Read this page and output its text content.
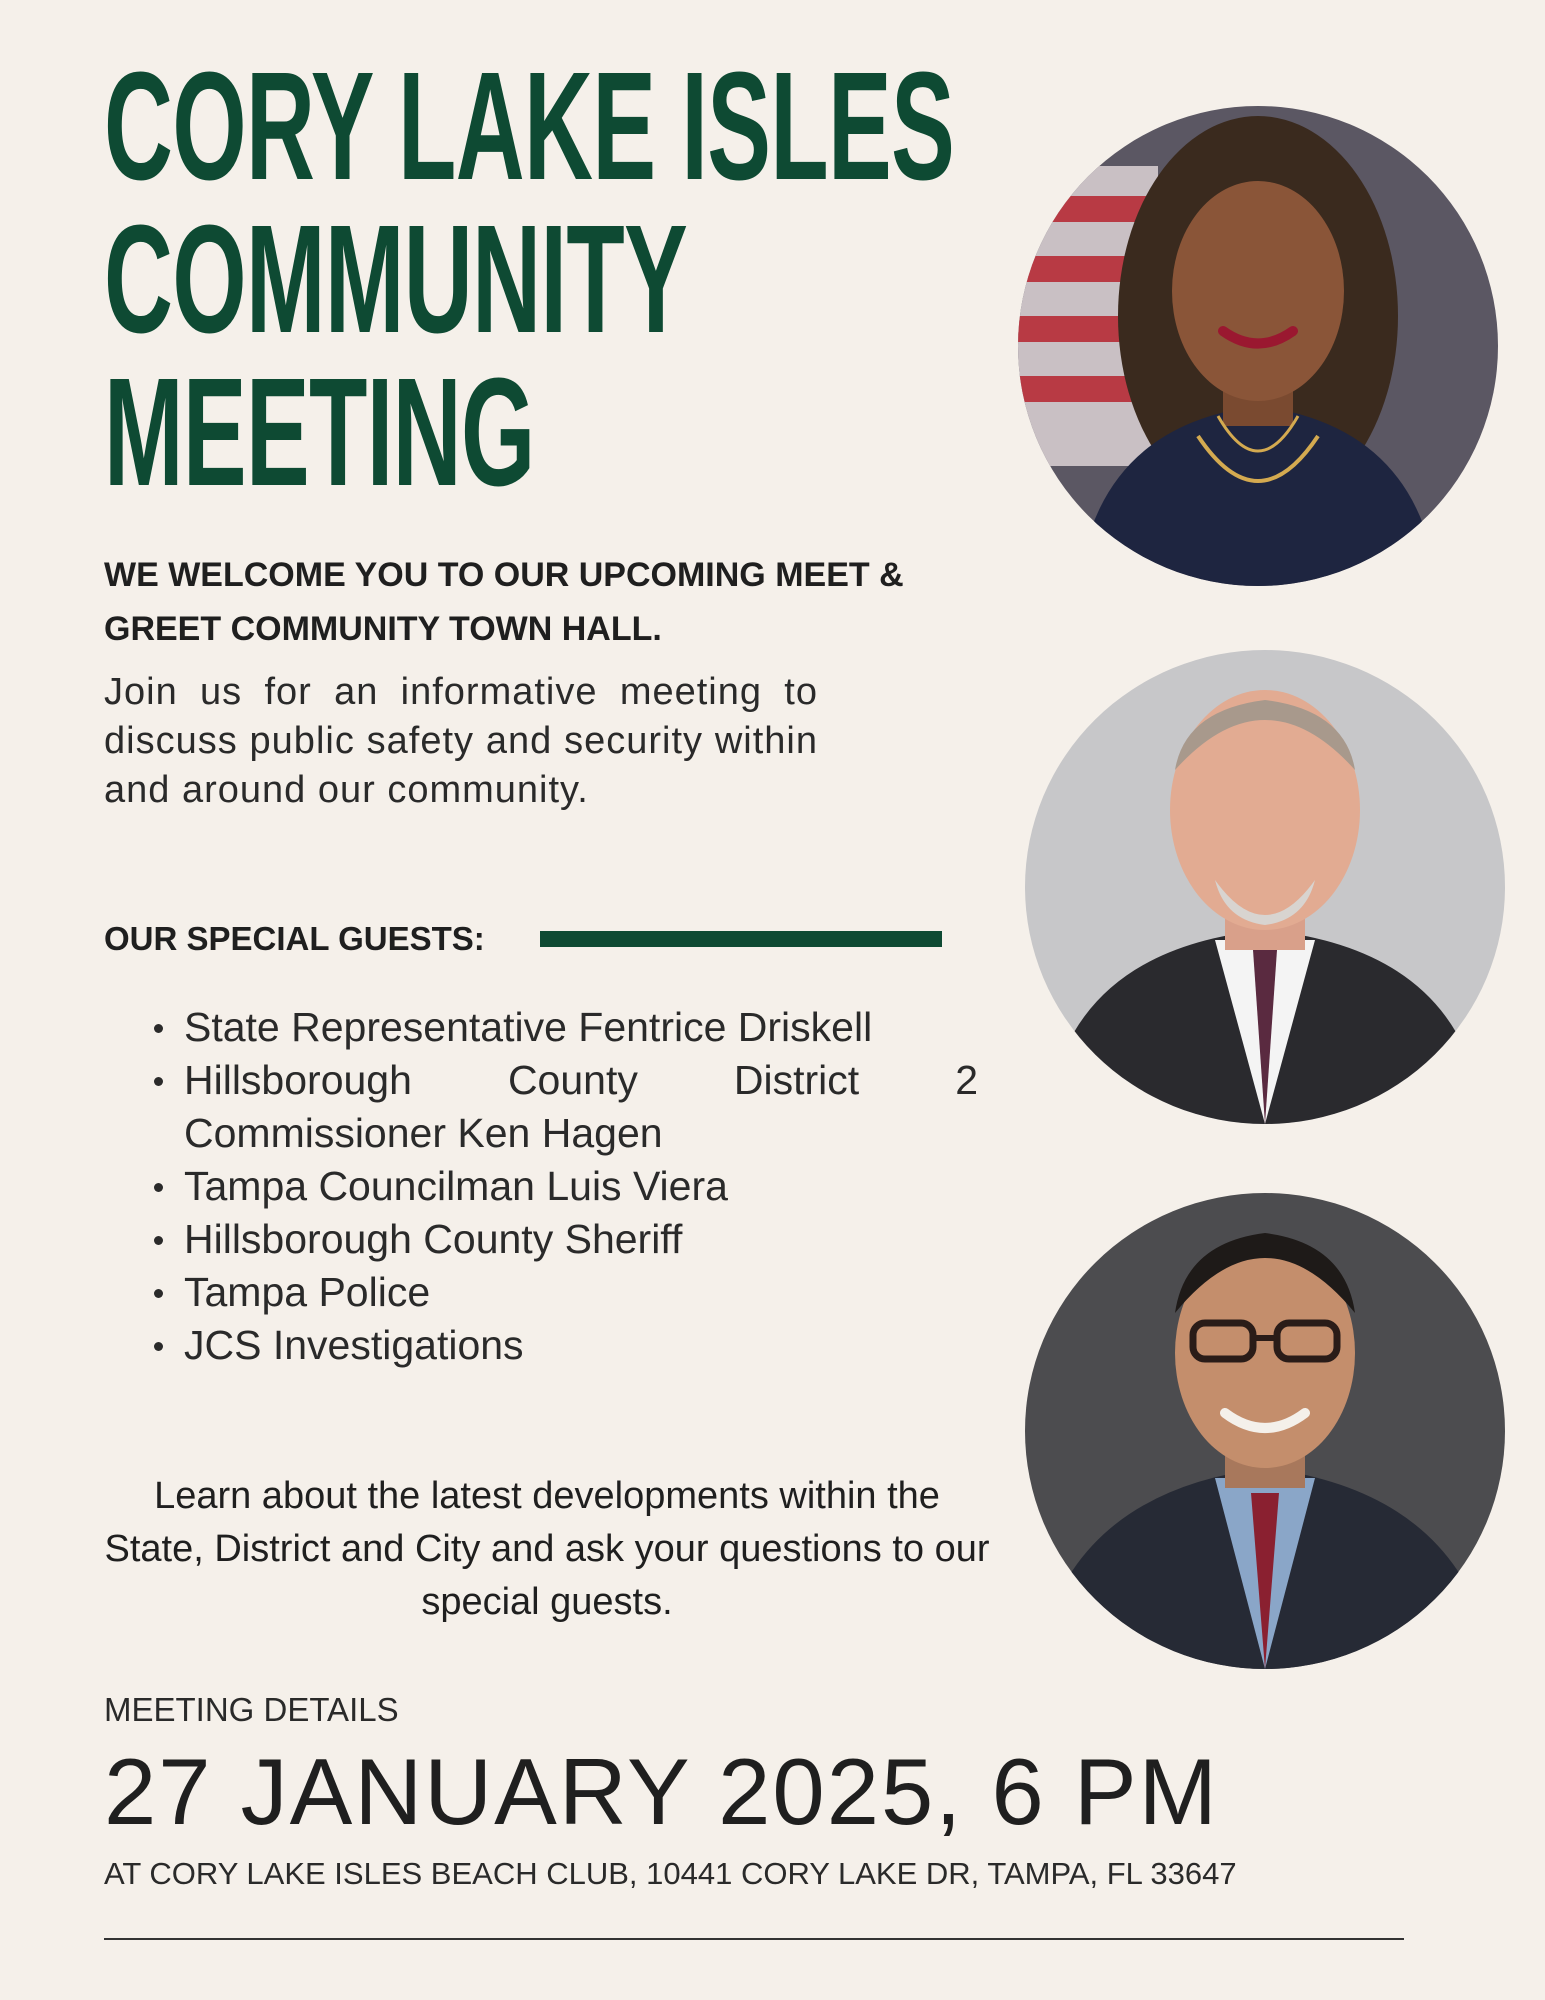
CORY LAKE ISLES
COMMUNITY
MEETING

WE WELCOME YOU TO OUR UPCOMING MEET & GREET COMMUNITY TOWN HALL.

Join us for an informative meeting to discuss public safety and security within and around our community.

OUR SPECIAL GUESTS:

State Representative Fentrice Driskell
Hillsborough County District 2 Commissioner Ken Hagen
Tampa Councilman Luis Viera
Hillsborough County Sheriff
Tampa Police
JCS Investigations

Learn about the latest developments within the State, District and City and ask your questions to our special guests.

MEETING DETAILS

27 JANUARY 2025, 6 PM

AT CORY LAKE ISLES BEACH CLUB, 10441 CORY LAKE DR, TAMPA, FL 33647
